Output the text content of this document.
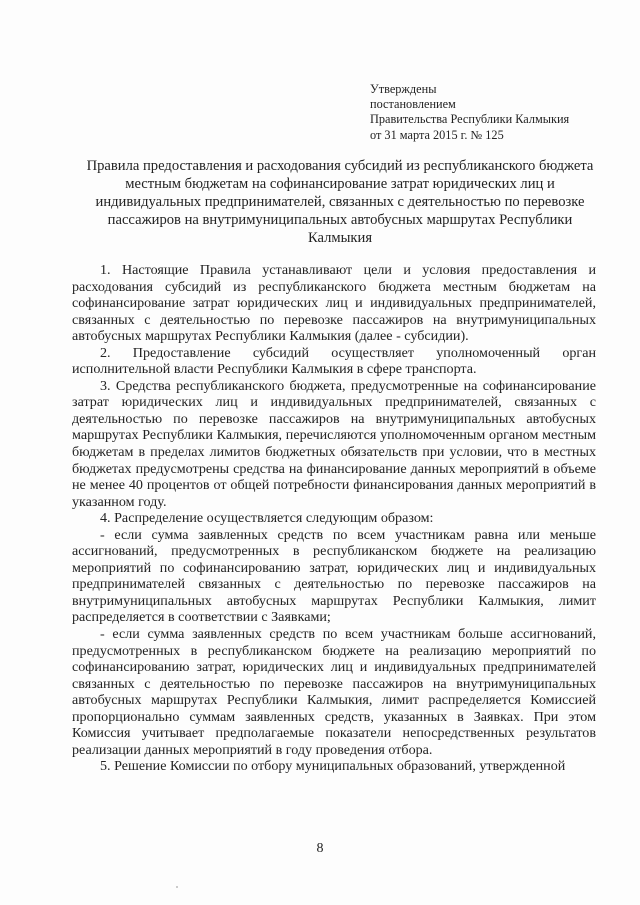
Утверждены
постановлением
Правительства Республики Калмыкия
от 31 марта 2015 г. № 125
Правила предоставления и расходования субсидий из республиканского бюджета местным бюджетам на софинансирование затрат юридических лиц и индивидуальных предпринимателей, связанных с деятельностью по перевозке пассажиров на внутримуниципальных автобусных маршрутах Республики Калмыкия

1. Настоящие Правила устанавливают цели и условия предоставления и расходования субсидий из республиканского бюджета местным бюджетам на софинансирование затрат юридических лиц и индивидуальных предпринимателей, связанных с деятельностью по перевозке пассажиров на внутримуниципальных автобусных маршрутах Республики Калмыкия (далее - субсидии).

2. Предоставление субсидий осуществляет уполномоченный орган исполнительной власти Республики Калмыкия в сфере транспорта.

3. Средства республиканского бюджета, предусмотренные на софинансирование затрат юридических лиц и индивидуальных предпринимателей, связанных с деятельностью по перевозке пассажиров на внутримуниципальных автобусных маршрутах Республики Калмыкия, перечисляются уполномоченным органом местным бюджетам в пределах лимитов бюджетных обязательств при условии, что в местных бюджетах предусмотрены средства на финансирование данных мероприятий в объеме не менее 40 процентов от общей потребности финансирования данных мероприятий в указанном году.

4. Распределение осуществляется следующим образом:

- если сумма заявленных средств по всем участникам равна или меньше ассигнований, предусмотренных в республиканском бюджете на реализацию мероприятий по софинансированию затрат, юридических лиц и индивидуальных предпринимателей связанных с деятельностью по перевозке пассажиров на внутримуниципальных автобусных маршрутах Республики Калмыкия, лимит распределяется в соответствии с Заявками;

- если сумма заявленных средств по всем участникам больше ассигнований, предусмотренных в республиканском бюджете на реализацию мероприятий по софинансированию затрат, юридических лиц и индивидуальных предпринимателей связанных с деятельностью по перевозке пассажиров на внутримуниципальных автобусных маршрутах Республики Калмыкия, лимит распределяется Комиссией пропорционально суммам заявленных средств, указанных в Заявках. При этом Комиссия учитывает предполагаемые показатели непосредственных результатов реализации данных мероприятий в году проведения отбора.

5. Решение Комиссии по отбору муниципальных образований, утвержденной

8
